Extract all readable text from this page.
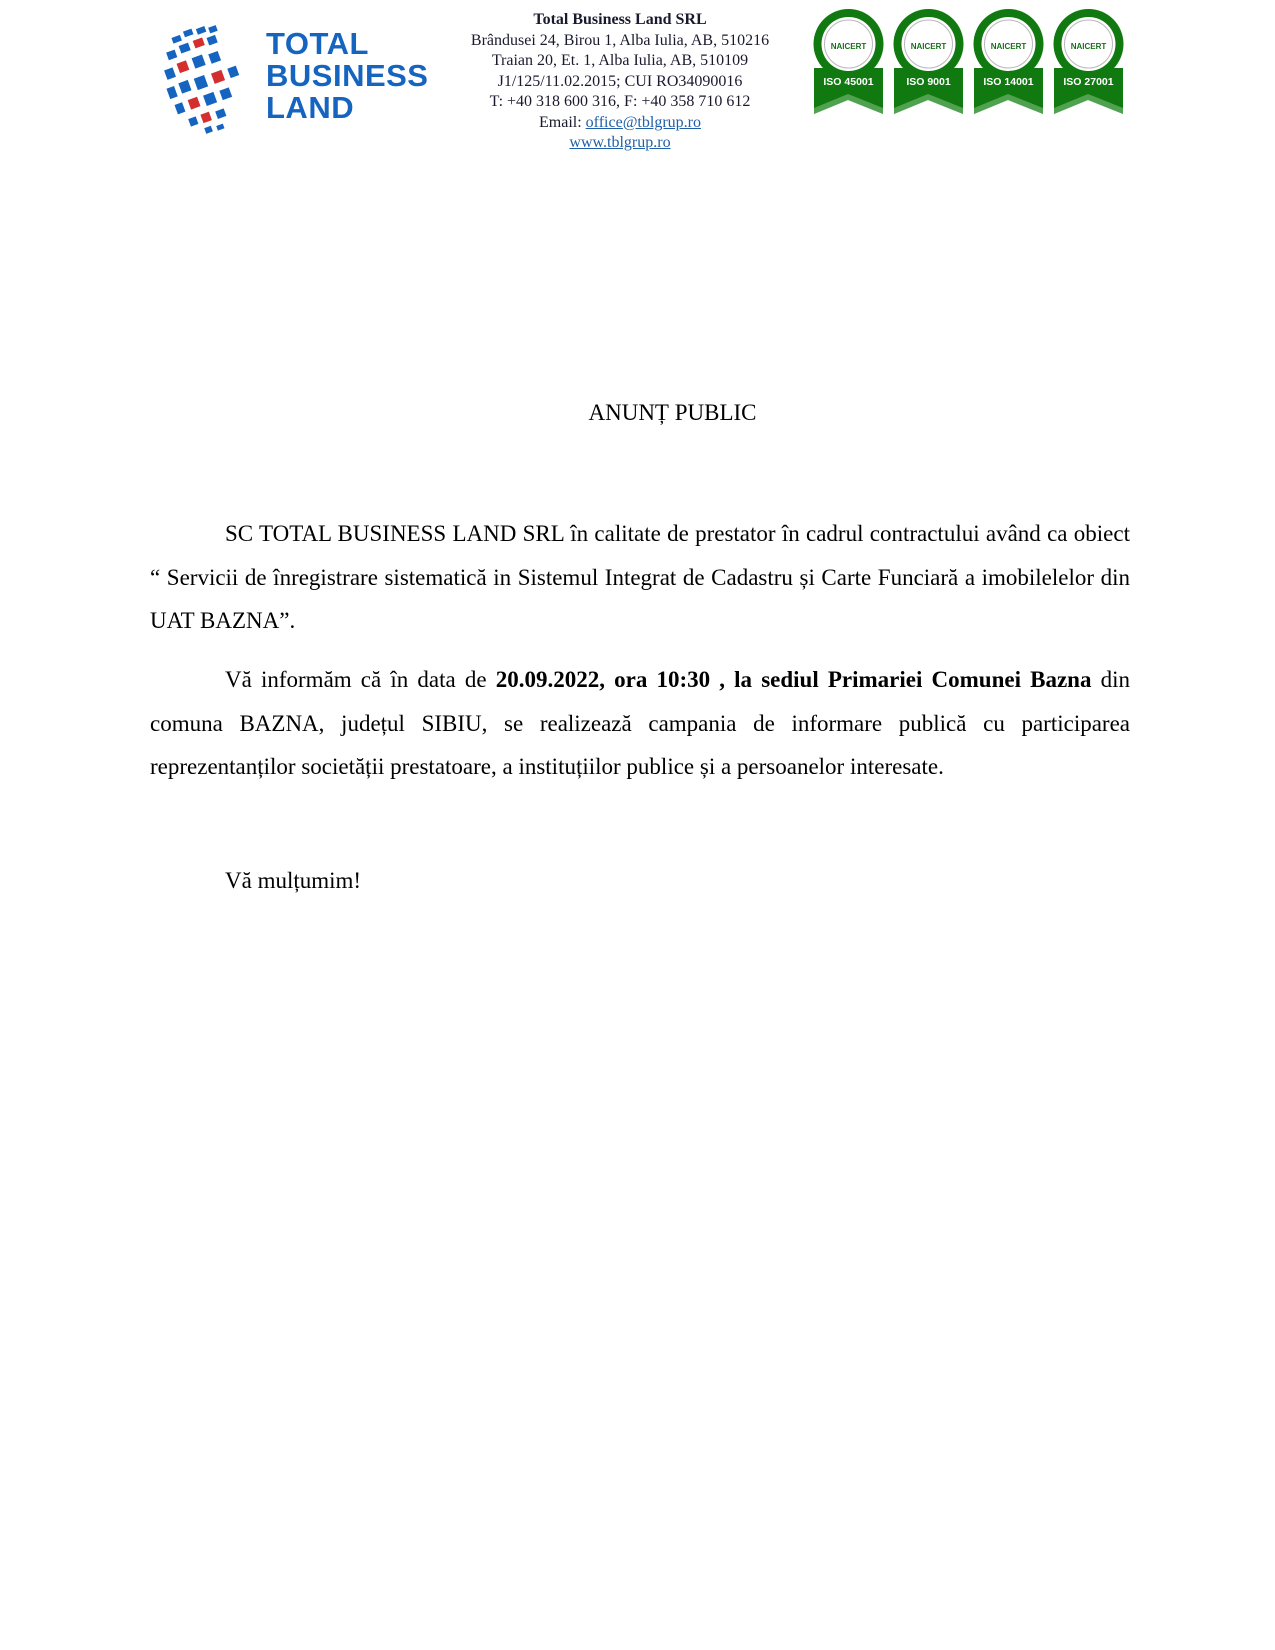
TOTAL
BUSINESS
LAND
Total Business Land SRL
Brândusei 24, Birou 1, Alba Iulia, AB, 510216
Traian 20, Et. 1, Alba Iulia, AB, 510109
J1/125/11.02.2015; CUI RO34090016
T: +40 318 600 316, F: +40 358 710 612
Email: office@tblgrup.ro
www.tblgrup.ro
NAICERT
ISO 45001
NAICERT
ISO 9001
NAICERT
ISO 14001
NAICERT
ISO 27001
ANUNȚ PUBLIC
SC TOTAL BUSINESS LAND SRL în calitate de prestator în cadrul contractului având ca obiect “ Servicii de înregistrare sistematică in Sistemul Integrat de Cadastru și Carte Funciară a imobilelelor din UAT BAZNA”.
Vă informăm că în data de 20.09.2022, ora 10:30 , la sediul Primariei Comunei Bazna din comuna BAZNA, județul SIBIU, se realizează campania de informare publică cu participarea reprezentanților societății prestatoare, a instituțiilor publice și a persoanelor interesate.
Vă mulțumim!
